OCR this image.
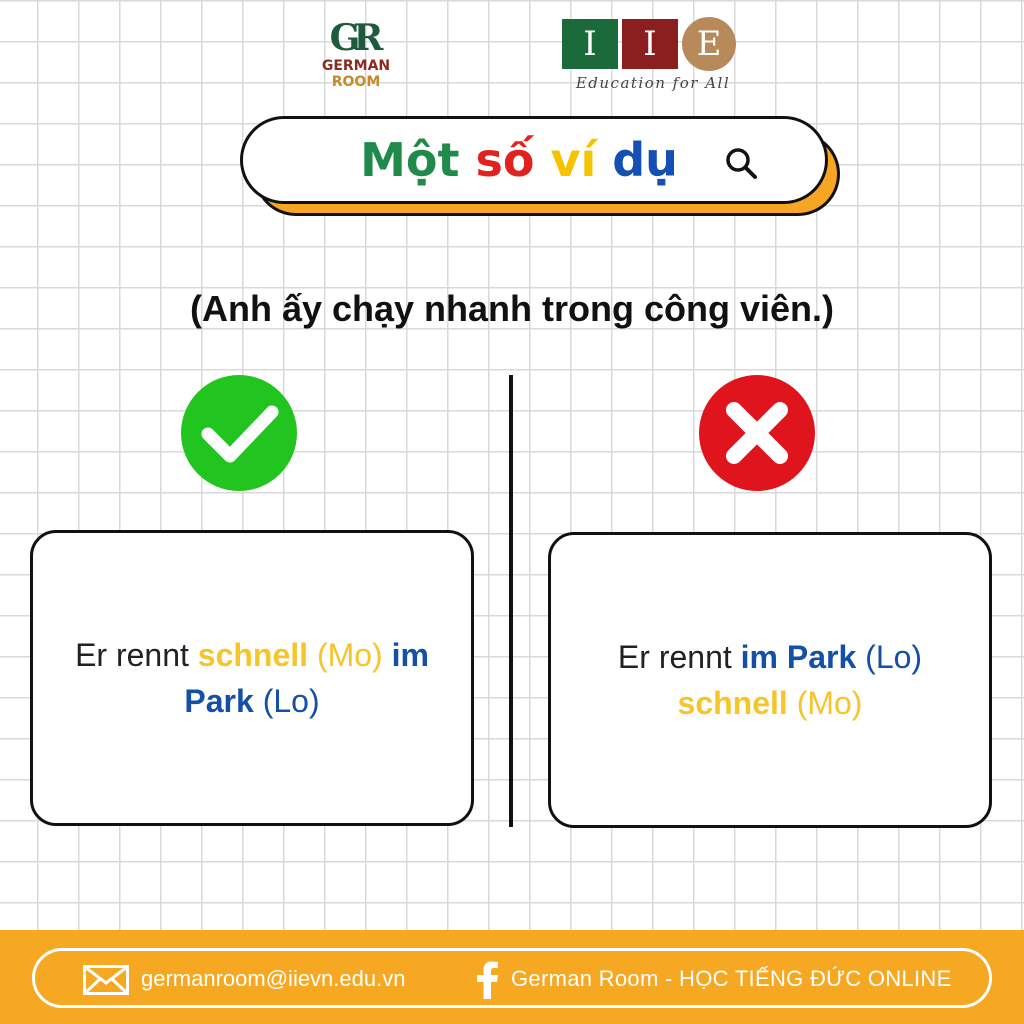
GR
GERMAN
ROOM
I	I	E
Education for All
Một số ví dụ
(Anh ấy chạy nhanh trong công viên.)
Er rennt schnell (Mo) im Park (Lo)
Er rennt im Park (Lo) schnell (Mo)
germanroom@iievn.edu.vn	German Room - HỌC TIẾNG ĐỨC ONLINE
